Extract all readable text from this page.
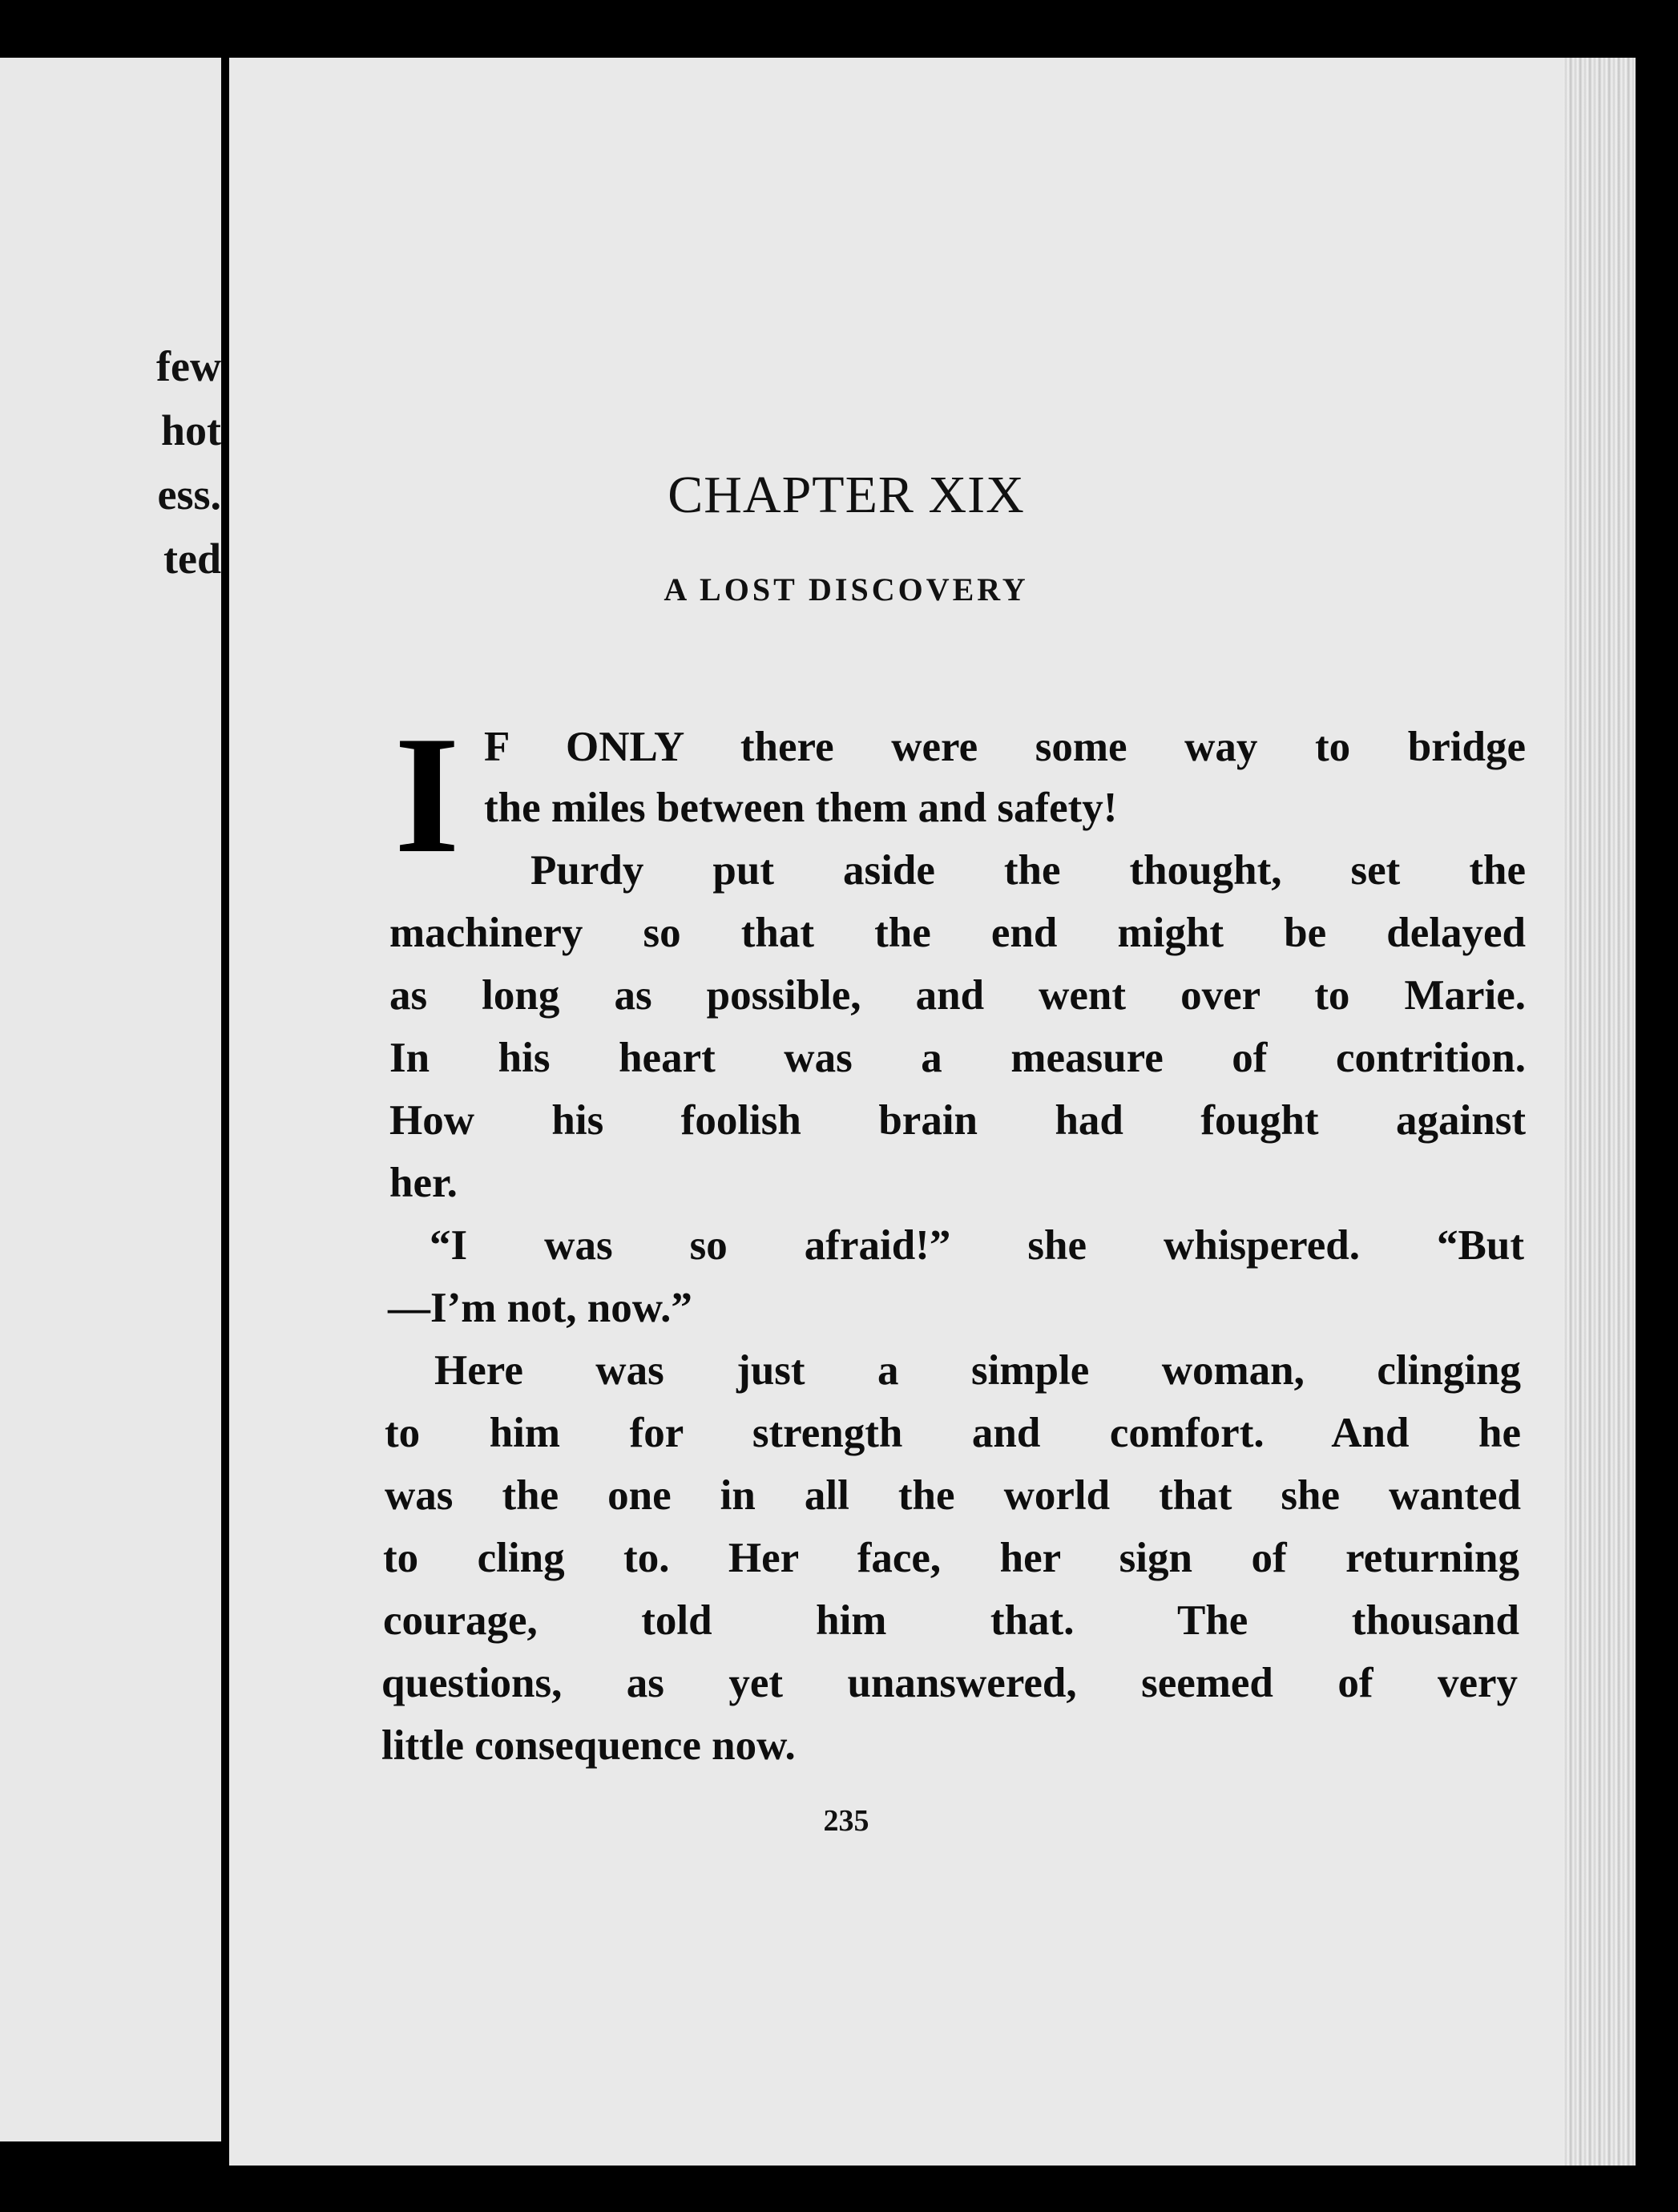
few
hot
ess.
ted
CHAPTER XIX
A LOST DISCOVERY
I F ONLY there were some way to bridge

the miles between them and safety!

Purdy put aside the thought, set the

machinery so that the end might be delayed

as long as possible, and went over to Marie.

In his heart was a measure of contrition.

How his foolish brain had fought against

her.

“I was so afraid!” she whispered. “But

—I’m not, now.”

Here was just a simple woman, clinging

to him for strength and comfort. And he

was the one in all the world that she wanted

to cling to. Her face, her sign of returning

courage, told him that. The thousand

questions, as yet unanswered, seemed of very

little consequence now.

235
